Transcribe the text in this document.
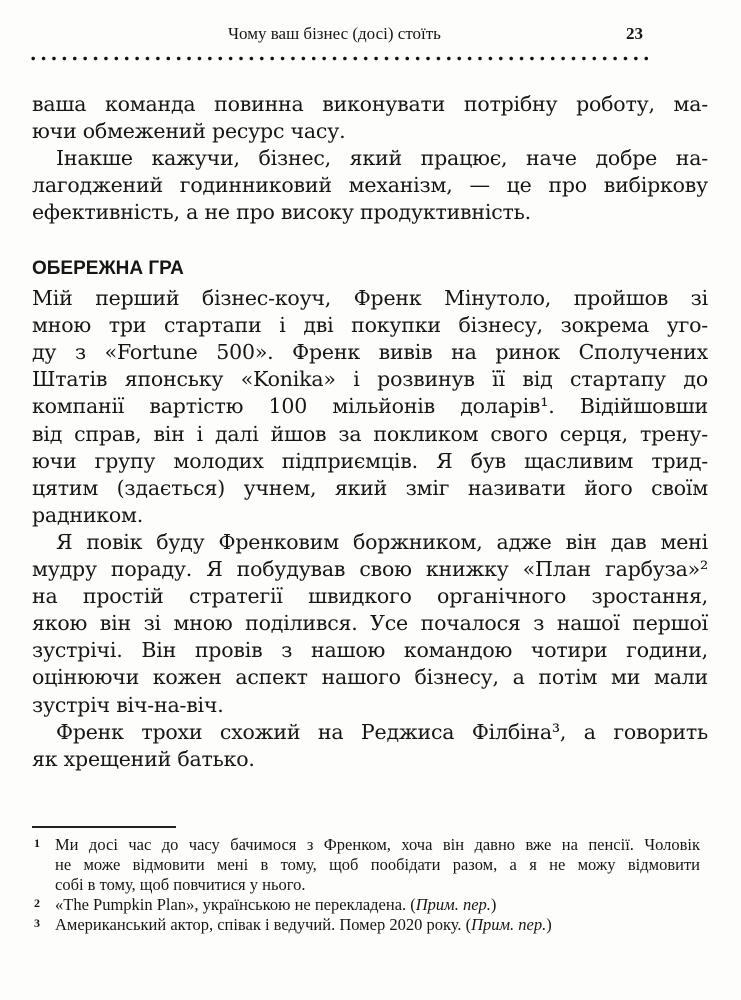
Чому ваш бізнес (досі) стоїть	23
ОБЕРЕЖНА ГРА
ваша команда повинна виконувати потрібну роботу, ма-
ючи обмежений ресурс часу.
Інакше кажучи, бізнес, який працює, наче добре на-
лагоджений годинниковий механізм, — це про вибіркову
ефективність, а не про високу продуктивність.
Мій перший бізнес-коуч, Френк Мінутоло, пройшов зі
мною три стартапи і дві покупки бізнесу, зокрема уго-
ду з «Fortune 500». Френк вивів на ринок Сполучених
Штатів японську «Konika» і розвинув її від стартапу до
компанії вартістю 100 мільйонів доларів¹. Відійшовши
від справ, він і далі йшов за покликом свого серця, трену-
ючи групу молодих підприємців. Я був щасливим трид-
цятим (здається) учнем, який зміг називати його своїм
радником.
Я повік буду Френковим боржником, адже він дав мені
мудру пораду. Я побудував свою книжку «План гарбуза»²
на простій стратегії швидкого органічного зростання,
якою він зі мною поділився. Усе почалося з нашої першої
зустрічі. Він провів з нашою командою чотири години,
оцінюючи кожен аспект нашого бізнесу, а потім ми мали
зустріч віч-на-віч.
Френк трохи схожий на Реджиса Філбіна³, а говорить
як хрещений батько.
1 Ми досі час до часу бачимося з Френком, хоча він давно вже на пенсії. Чоловік
не може відмовити мені в тому, щоб пообідати разом, а я не можу відмовити
собі в тому, щоб повчитися у нього.
2 «The Pumpkin Plan», українською не перекладена. (Прим. пер.)
3 Американський актор, співак і ведучий. Помер 2020 року. (Прим. пер.)
